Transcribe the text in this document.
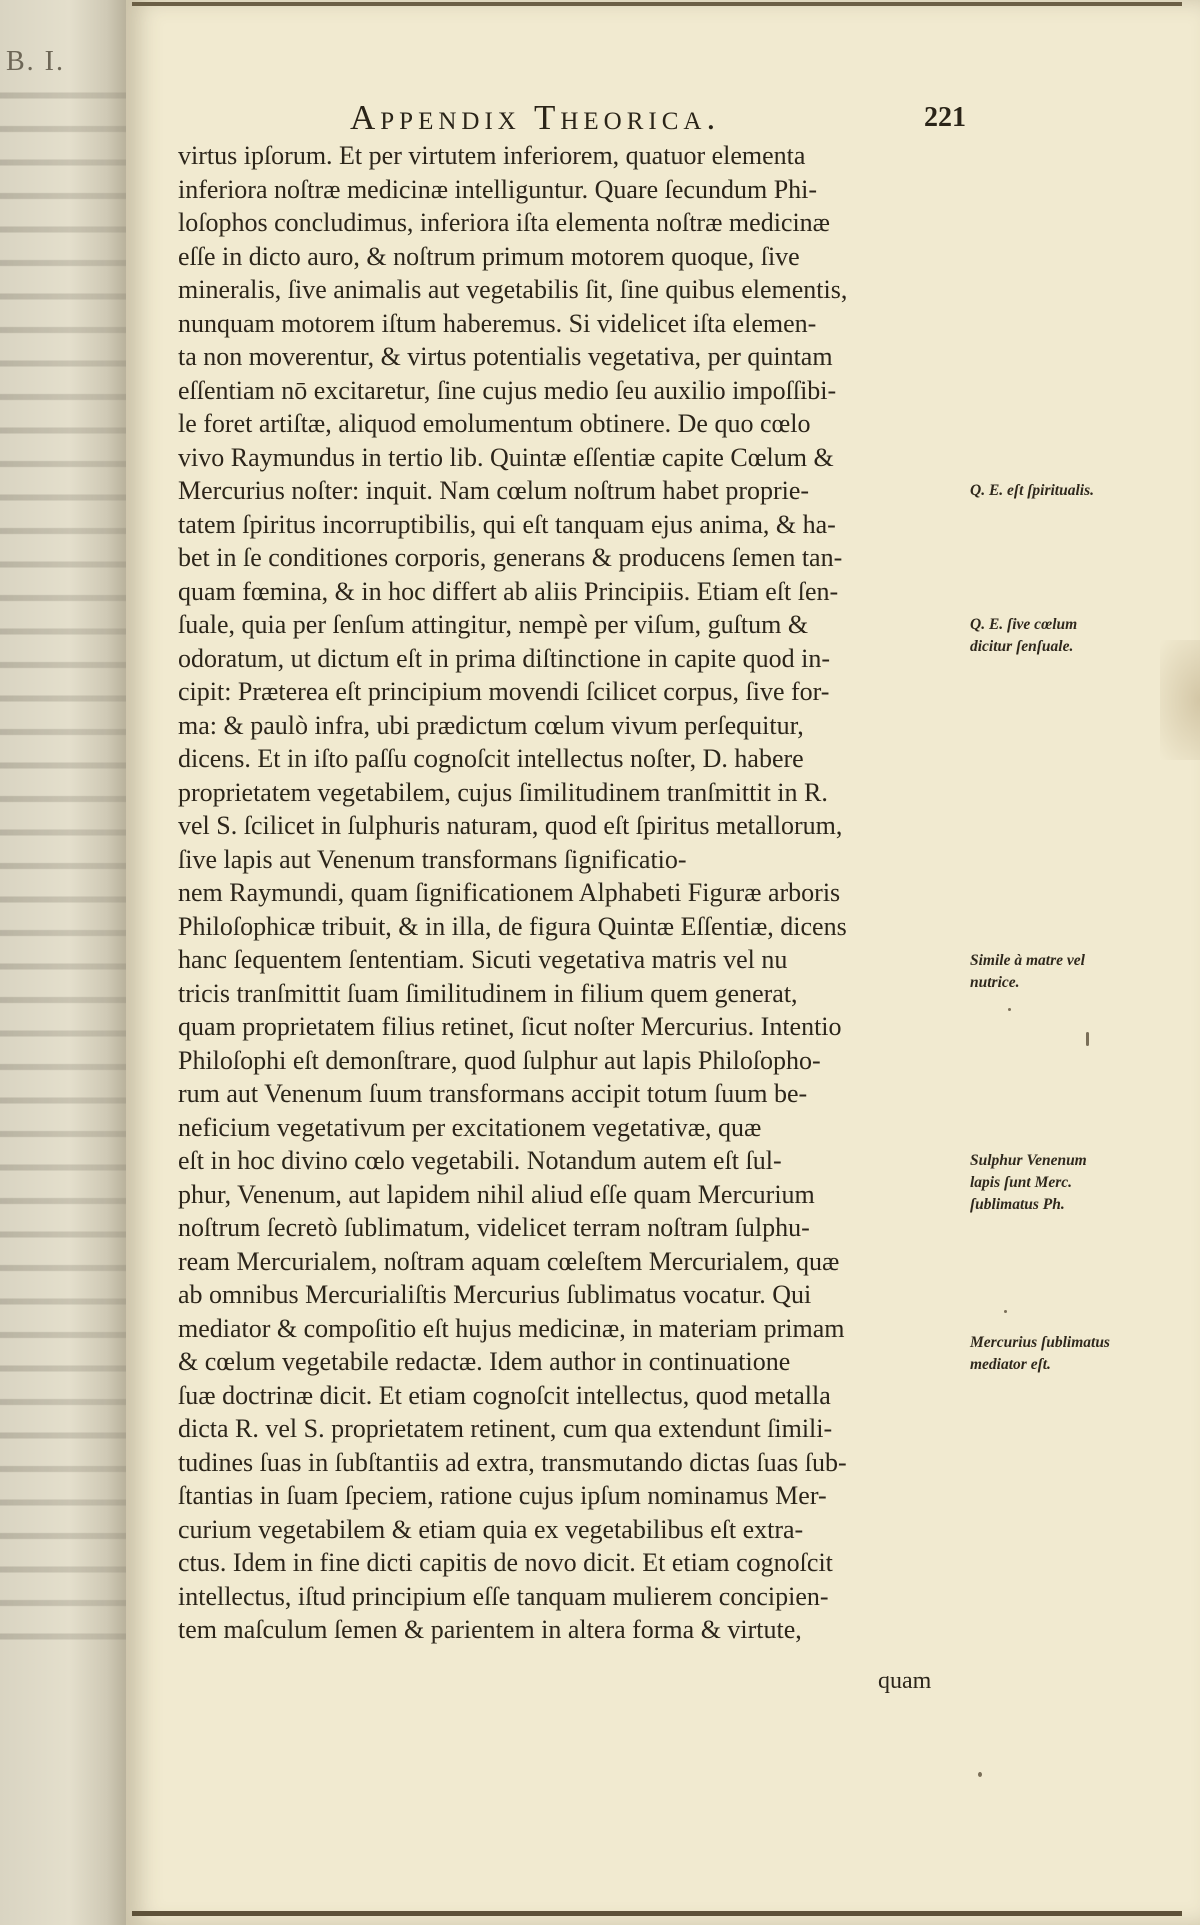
B. I.
Appendix Theorica.	221
virtus ipſorum. Et per virtutem inferiorem, quatuor elementa
inferiora noſtræ medicinæ intelliguntur. Quare ſecundum Phi-
loſophos concludimus, inferiora iſta elementa noſtræ medicinæ
eſſe in dicto auro, & noſtrum primum motorem quoque, ſive
mineralis, ſive animalis aut vegetabilis ſit, ſine quibus elementis,
nunquam motorem iſtum haberemus. Si videlicet iſta elemen-
ta non moverentur, & virtus potentialis vegetativa, per quintam
eſſentiam nō excitaretur, ſine cujus medio ſeu auxilio impoſſibi-
le foret artiſtæ, aliquod emolumentum obtinere. De quo cœlo
vivo Raymundus in tertio lib. Quintæ eſſentiæ capite Cœlum &
Mercurius noſter: inquit. Nam cœlum noſtrum habet proprie-
tatem ſpiritus incorruptibilis, qui eſt tanquam ejus anima, & ha-
bet in ſe conditiones corporis, generans & producens ſemen tan-
quam fœmina, & in hoc differt ab aliis Principiis. Etiam eſt ſen-
ſuale, quia per ſenſum attingitur, nempè per viſum, guſtum &
odoratum, ut dictum eſt in prima diſtinctione in capite quod in-
cipit: Præterea eſt principium movendi ſcilicet corpus, ſive for-
ma: & paulò infra, ubi prædictum cœlum vivum perſequitur,
dicens. Et in iſto paſſu cognoſcit intellectus noſter, D. habere
proprietatem vegetabilem, cujus ſimilitudinem tranſmittit in R.
vel S. ſcilicet in ſulphuris naturam, quod eſt ſpiritus metallorum,
ſive lapis aut Venenum transformans ſignificatio-
nem Raymundi, quam ſignificationem Alphabeti Figuræ arboris
Philoſophicæ tribuit, & in illa, de figura Quintæ Eſſentiæ, dicens
hanc ſequentem ſententiam. Sicuti vegetativa matris vel nu
tricis tranſmittit ſuam ſimilitudinem in filium quem generat,
quam proprietatem filius retinet, ſicut noſter Mercurius. Intentio
Philoſophi eſt demonſtrare, quod ſulphur aut lapis Philoſopho-
rum aut Venenum ſuum transformans accipit totum ſuum be-
neficium vegetativum per excitationem vegetativæ, quæ
eſt in hoc divino cœlo vegetabili. Notandum autem eſt ſul-
phur, Venenum, aut lapidem nihil aliud eſſe quam Mercurium
noſtrum ſecretò ſublimatum, videlicet terram noſtram ſulphu-
ream Mercurialem, noſtram aquam cœleſtem Mercurialem, quæ
ab omnibus Mercurialiſtis Mercurius ſublimatus vocatur. Qui
mediator & compoſitio eſt hujus medicinæ, in materiam primam
& cœlum vegetabile redactæ. Idem author in continuatione
ſuæ doctrinæ dicit. Et etiam cognoſcit intellectus, quod metalla
dicta R. vel S. proprietatem retinent, cum qua extendunt ſimili-
tudines ſuas in ſubſtantiis ad extra, transmutando dictas ſuas ſub-
ſtantias in ſuam ſpeciem, ratione cujus ipſum nominamus Mer-
curium vegetabilem & etiam quia ex vegetabilibus eſt extra-
ctus. Idem in fine dicti capitis de novo dicit. Et etiam cognoſcit
intellectus, iſtud principium eſſe tanquam mulierem concipien-
tem maſculum ſemen & parientem in altera forma & virtute,
Q. E. eſt ſpiritualis.
Q. E. ſive cœlum dicitur ſenſuale.
Simile à matre vel nutrice.
Sulphur Venenum lapis ſunt Merc. ſublimatus Ph.
Mercurius ſublimatus mediator eſt.
quam
